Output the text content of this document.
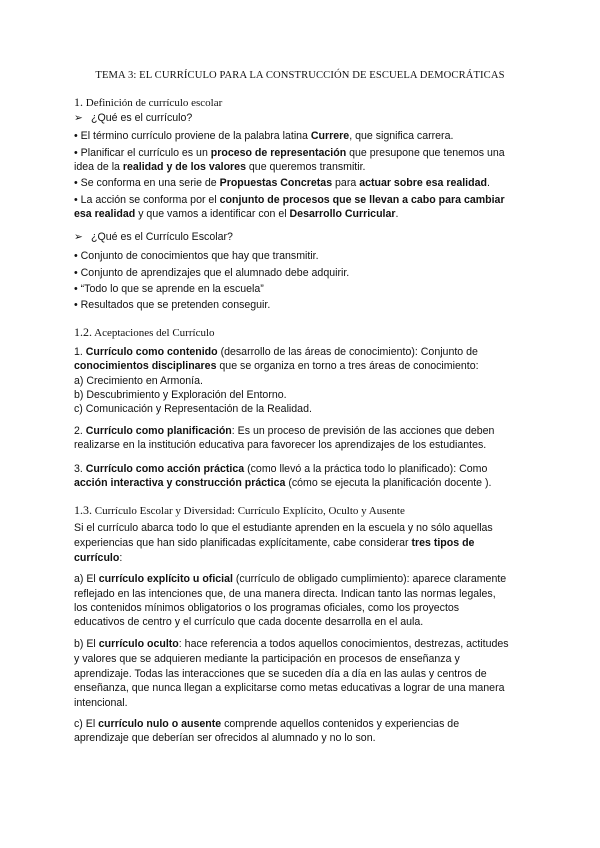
TEMA 3: EL CURRÍCULO PARA LA CONSTRUCCIÓN DE ESCUELA DEMOCRÁTICAS
1. Definición de currículo escolar
➢ ¿Qué es el currículo?
• El término currículo proviene de la palabra latina Currere, que significa carrera.
• Planificar el currículo es un proceso de representación que presupone que tenemos una
idea de la realidad y de los valores que queremos transmitir.
• Se conforma en una serie de Propuestas Concretas para actuar sobre esa realidad.
• La acción se conforma por el conjunto de procesos que se llevan a cabo para cambiar
esa realidad y que vamos a identificar con el Desarrollo Curricular.
➢ ¿Qué es el Currículo Escolar?
• Conjunto de conocimientos que hay que transmitir.
• Conjunto de aprendizajes que el alumnado debe adquirir.
• “Todo lo que se aprende en la escuela”
• Resultados que se pretenden conseguir.
1.2. Aceptaciones del Currículo
1. Currículo como contenido (desarrollo de las áreas de conocimiento): Conjunto de
conocimientos disciplinares que se organiza en torno a tres áreas de conocimiento:
a) Crecimiento en Armonía.
b) Descubrimiento y Exploración del Entorno.
c) Comunicación y Representación de la Realidad.
2. Currículo como planificación: Es un proceso de previsión de las acciones que deben
realizarse en la institución educativa para favorecer los aprendizajes de los estudiantes.
3. Currículo como acción práctica (como llevó a la práctica todo lo planificado): Como
acción interactiva y construcción práctica (cómo se ejecuta la planificación docente ).
1.3. Currículo Escolar y Diversidad: Currículo Explícito, Oculto y Ausente
Si el currículo abarca todo lo que el estudiante aprenden en la escuela y no sólo aquellas
experiencias que han sido planificadas explícitamente, cabe considerar tres tipos de
currículo:
a) El currículo explícito u oficial (currículo de obligado cumplimiento): aparece claramente
reflejado en las intenciones que, de una manera directa. Indican tanto las normas legales,
los contenidos mínimos obligatorios o los programas oficiales, como los proyectos
educativos de centro y el currículo que cada docente desarrolla en el aula.
b) El currículo oculto: hace referencia a todos aquellos conocimientos, destrezas, actitudes
y valores que se adquieren mediante la participación en procesos de enseñanza y
aprendizaje. Todas las interacciones que se suceden día a día en las aulas y centros de
enseñanza, que nunca llegan a explicitarse como metas educativas a lograr de una manera
intencional.
c) El currículo nulo o ausente comprende aquellos contenidos y experiencias de
aprendizaje que deberían ser ofrecidos al alumnado y no lo son.
